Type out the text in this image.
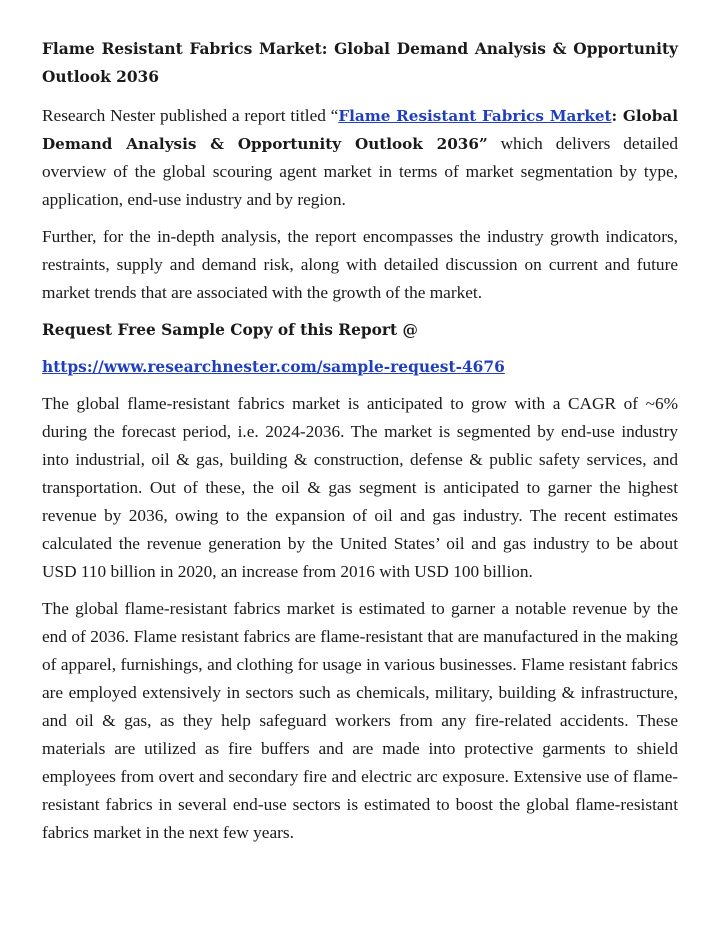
Flame Resistant Fabrics Market: Global Demand Analysis & Opportunity Outlook 2036

Research Nester published a report titled “Flame Resistant Fabrics Market: Global Demand Analysis & Opportunity Outlook 2036” which delivers detailed overview of the global scouring agent market in terms of market segmentation by type, application, end-use industry and by region.

Further, for the in-depth analysis, the report encompasses the industry growth indicators, restraints, supply and demand risk, along with detailed discussion on current and future market trends that are associated with the growth of the market.

Request Free Sample Copy of this Report @
https://www.researchnester.com/sample-request-4676

The global flame-resistant fabrics market is anticipated to grow with a CAGR of ~6% during the forecast period, i.e. 2024-2036. The market is segmented by end-use industry into industrial, oil & gas, building & construction, defense & public safety services, and transportation. Out of these, the oil & gas segment is anticipated to garner the highest revenue by 2036, owing to the expansion of oil and gas industry. The recent estimates calculated the revenue generation by the United States’ oil and gas industry to be about USD 110 billion in 2020, an increase from 2016 with USD 100 billion.

The global flame-resistant fabrics market is estimated to garner a notable revenue by the end of 2036. Flame resistant fabrics are flame-resistant that are manufactured in the making of apparel, furnishings, and clothing for usage in various businesses. Flame resistant fabrics are employed extensively in sectors such as chemicals, military, building & infrastructure, and oil & gas, as they help safeguard workers from any fire-related accidents. These materials are utilized as fire buffers and are made into protective garments to shield employees from overt and secondary fire and electric arc exposure. Extensive use of flame-resistant fabrics in several end-use sectors is estimated to boost the global flame-resistant fabrics market in the next few years.
